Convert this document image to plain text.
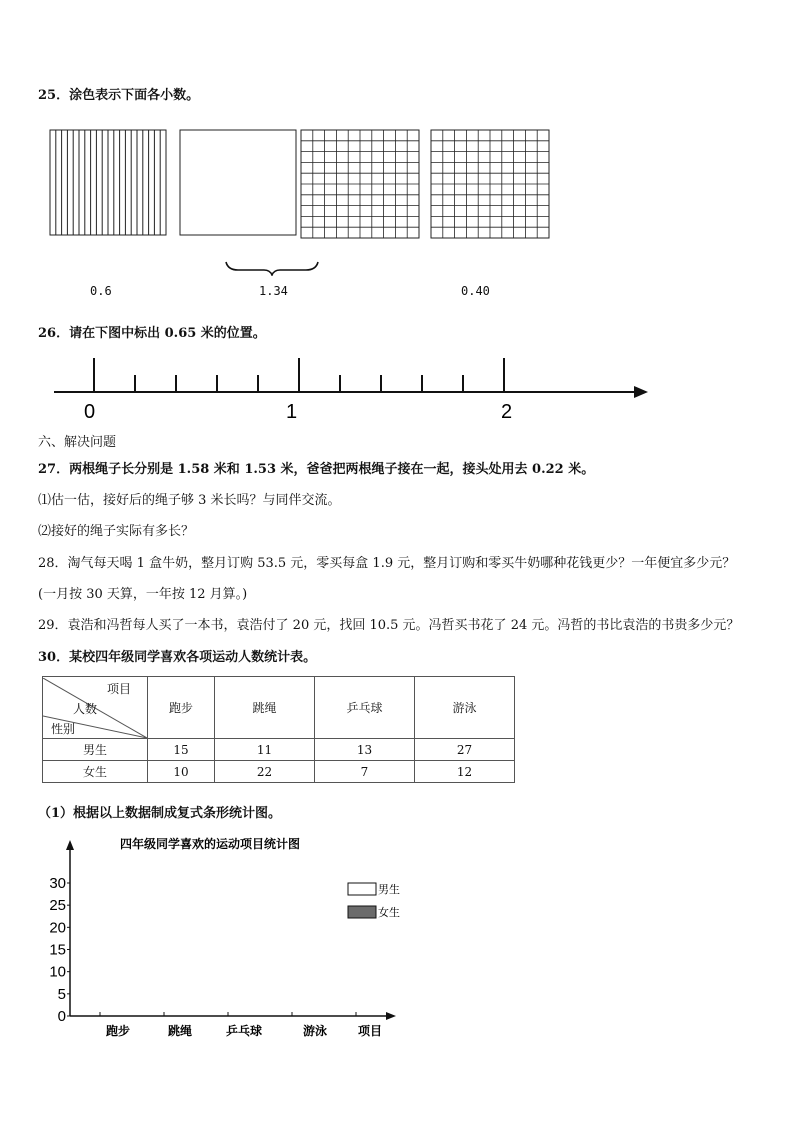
25．涂色表示下面各小数。
0.6	1.34	0.40
26．请在下图中标出 0.65 米的位置。
0	1	2
六、解决问题
27．两根绳子长分别是 1.58 米和 1.53 米，爸爸把两根绳子接在一起，接头处用去 0.22 米。
⑴估一估，接好后的绳子够 3 米长吗？与同伴交流。
⑵接好的绳子实际有多长？
28．淘气每天喝 1 盒牛奶，整月订购 53.5 元，零买每盒 1.9 元，整月订购和零买牛奶哪种花钱更少？一年便宜多少元？
(一月按 30 天算，一年按 12 月算。)
29．袁浩和冯哲每人买了一本书，袁浩付了 20 元，找回 10.5 元。冯哲买书花了 24 元。冯哲的书比袁浩的书贵多少元？
30．某校四年级同学喜欢各项运动人数统计表。
项目
人数
性别	跑步	跳绳	乒乓球	游泳
男生	15	11	13	27
女生	10	22	7	12
（1）根据以上数据制成复式条形统计图。
四年级同学喜欢的运动项目统计图
0
5
10
15
20
25
30
跑步	跳绳	乒乓球	游泳	项目
男生
女生
